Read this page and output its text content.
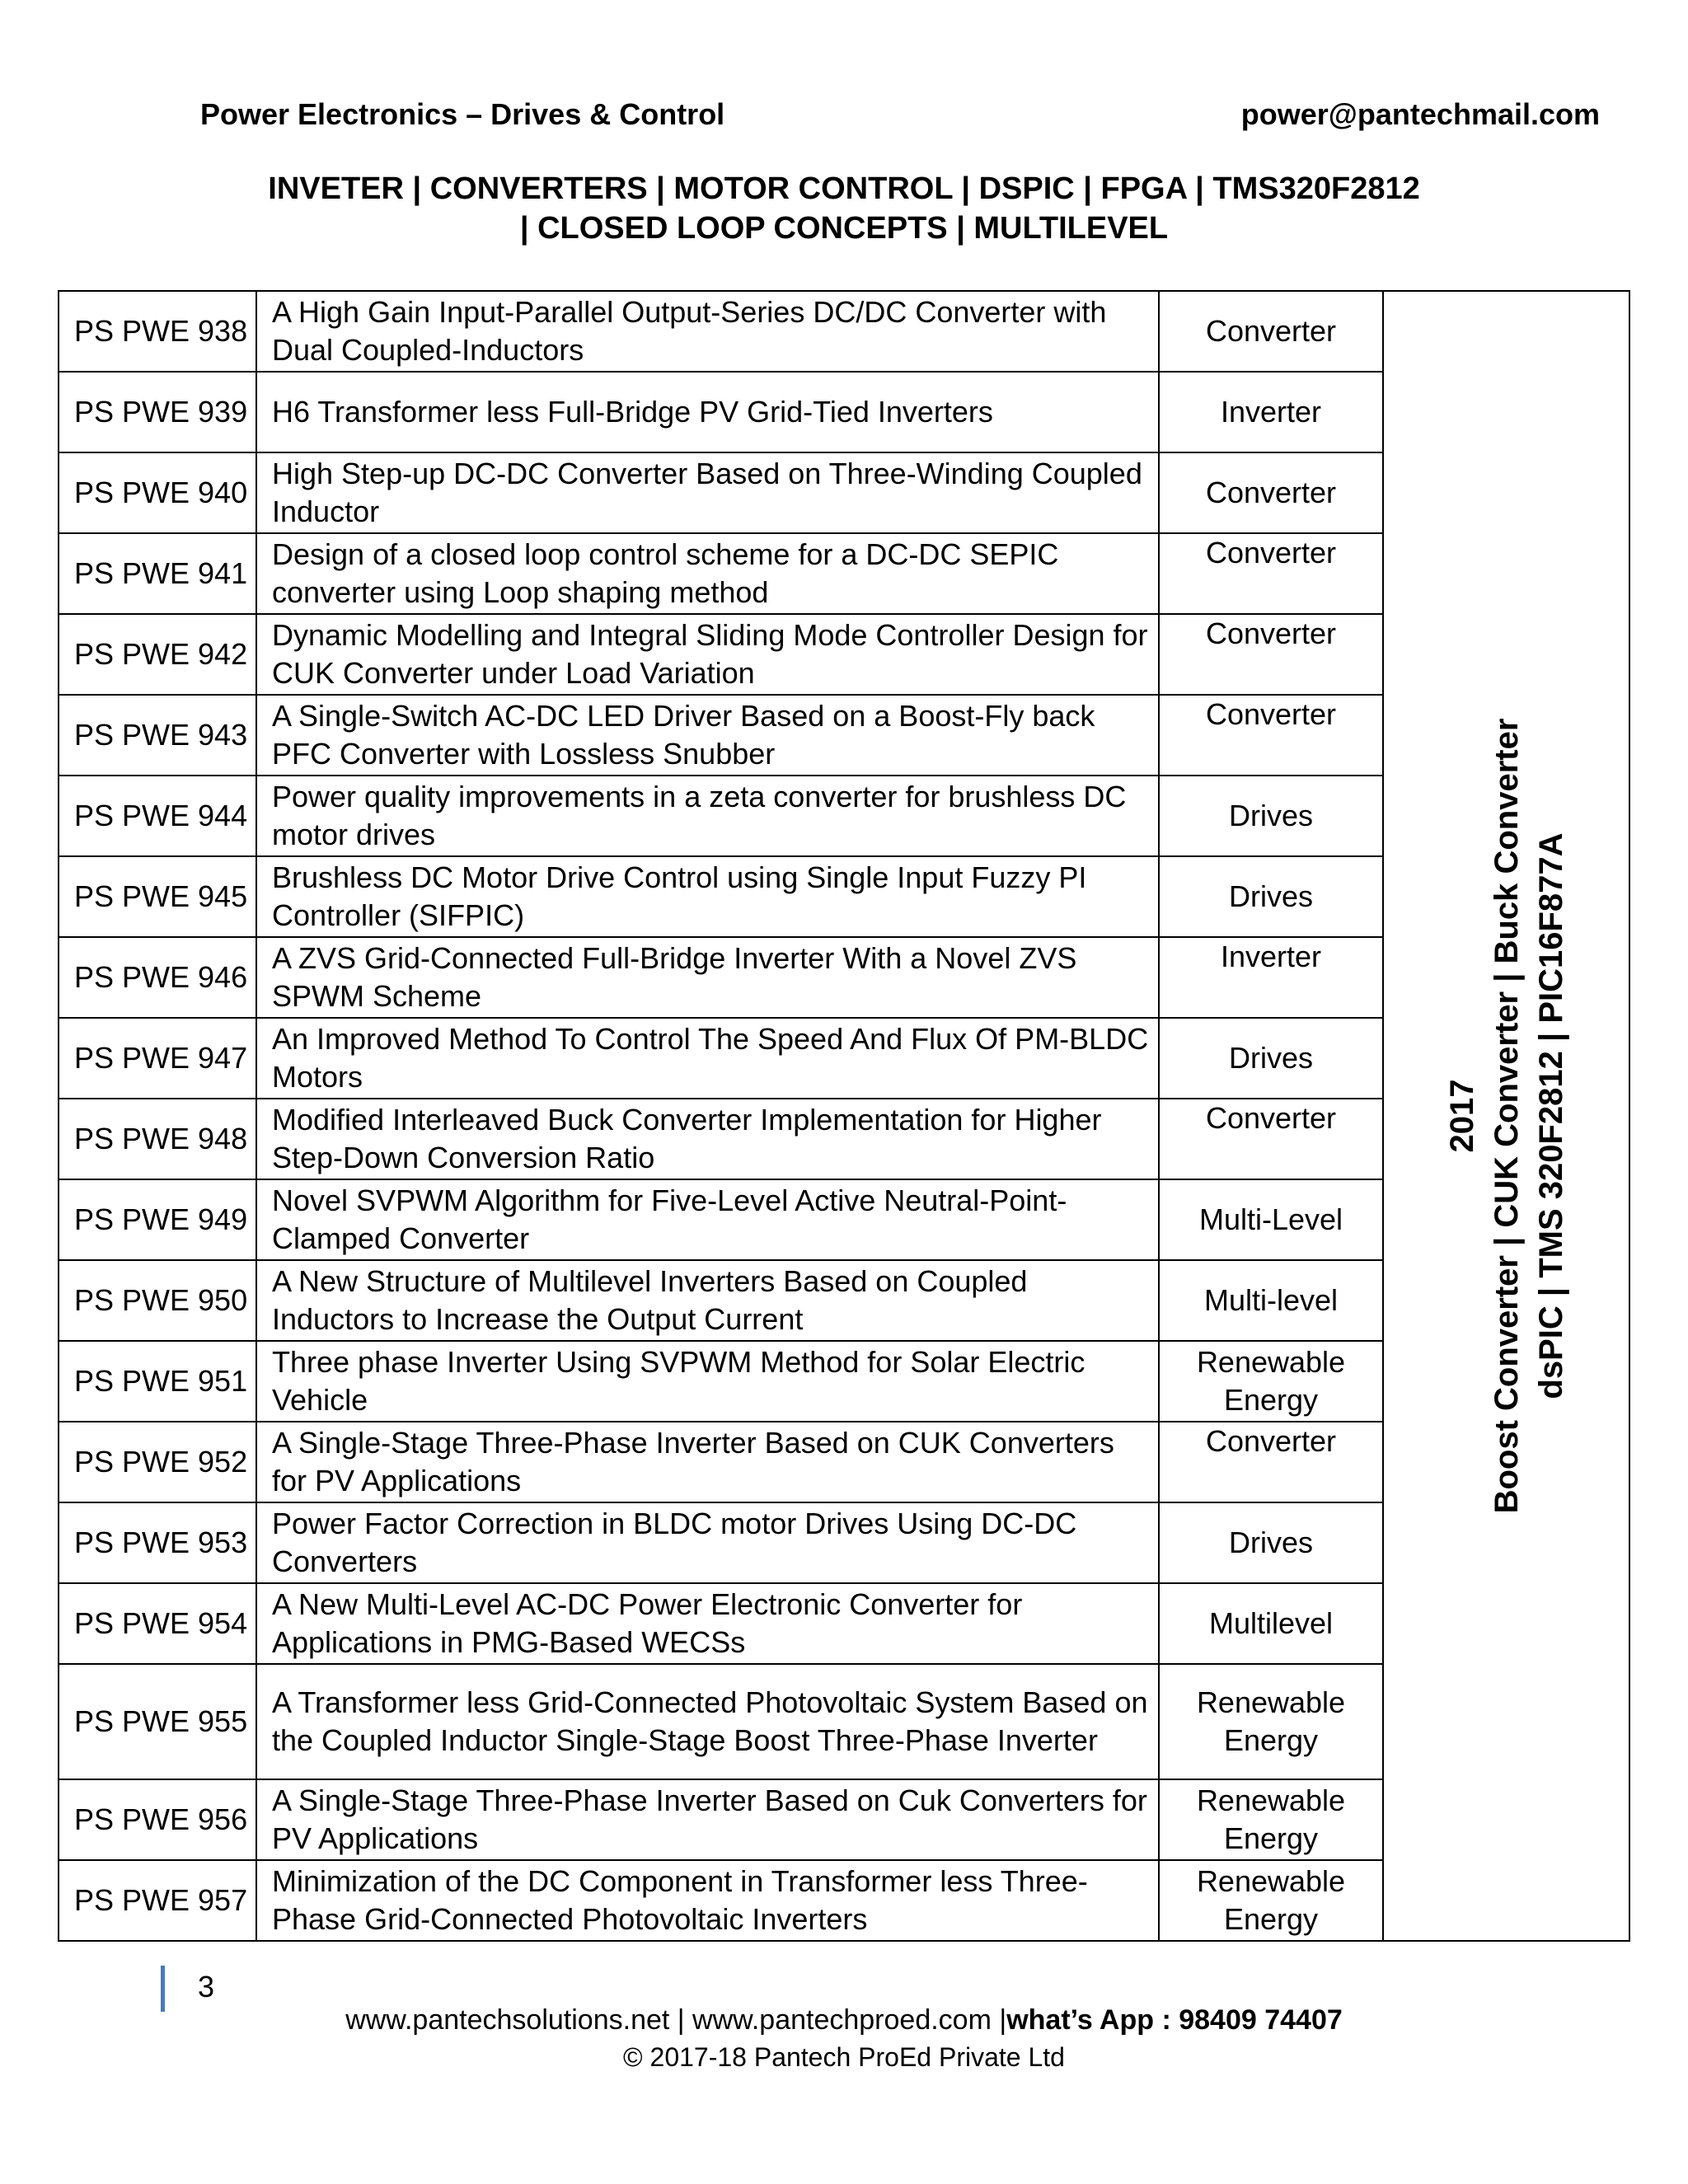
Power Electronics – Drives & Control	power@pantechmail.com
INVETER | CONVERTERS | MOTOR CONTROL | DSPIC | FPGA | TMS320F2812
| CLOSED LOOP CONCEPTS | MULTILEVEL
PS PWE 938	A High Gain Input-Parallel Output-Series DC/DC Converter with Dual Coupled-Inductors	Converter	2017 Boost Converter | CUK Converter | Buck Converter dsPIC | TMS 320F2812 | PIC16F877A

PS PWE 939	H6 Transformer less Full-Bridge PV Grid-Tied Inverters	Inverter	
PS PWE 940	High Step-up DC-DC Converter Based on Three-Winding Coupled Inductor	Converter	
PS PWE 941	Design of a closed loop control scheme for a DC-DC SEPIC converter using Loop shaping method	Converter	
PS PWE 942	Dynamic Modelling and Integral Sliding Mode Controller Design for CUK Converter under Load Variation	Converter	
PS PWE 943	A Single-Switch AC-DC LED Driver Based on a Boost-Fly back PFC Converter with Lossless Snubber	Converter	
PS PWE 944	Power quality improvements in a zeta converter for brushless DC motor drives	Drives	
PS PWE 945	Brushless DC Motor Drive Control using Single Input Fuzzy PI Controller (SIFPIC)	Drives	
PS PWE 946	A ZVS Grid-Connected Full-Bridge Inverter With a Novel ZVS SPWM Scheme	Inverter	
PS PWE 947	An Improved Method To Control The Speed And Flux Of PM-BLDC Motors	Drives	
PS PWE 948	Modified Interleaved Buck Converter Implementation for Higher Step-Down Conversion Ratio	Converter	
PS PWE 949	Novel SVPWM Algorithm for Five-Level Active Neutral-Point-Clamped Converter	Multi-Level	
PS PWE 950	A New Structure of Multilevel Inverters Based on Coupled Inductors to Increase the Output Current	Multi-level	
PS PWE 951	Three phase Inverter Using SVPWM Method for Solar Electric Vehicle	Renewable Energy	
PS PWE 952	A Single-Stage Three-Phase Inverter Based on CUK Converters for PV Applications	Converter	
PS PWE 953	Power Factor Correction in BLDC motor Drives Using DC-DC Converters	Drives	
PS PWE 954	A New Multi-Level AC-DC Power Electronic Converter for Applications in PMG-Based WECSs	Multilevel	
PS PWE 955	A Transformer less Grid-Connected Photovoltaic System Based on the Coupled Inductor Single-Stage Boost Three-Phase Inverter	Renewable Energy	
PS PWE 956	A Single-Stage Three-Phase Inverter Based on Cuk Converters for PV Applications	Renewable Energy	
PS PWE 957	Minimization of the DC Component in Transformer less Three-Phase Grid-Connected Photovoltaic Inverters	Renewable Energy	
3
www.pantechsolutions.net | www.pantechproed.com |what’s App : 98409 74407
© 2017-18 Pantech ProEd Private Ltd
